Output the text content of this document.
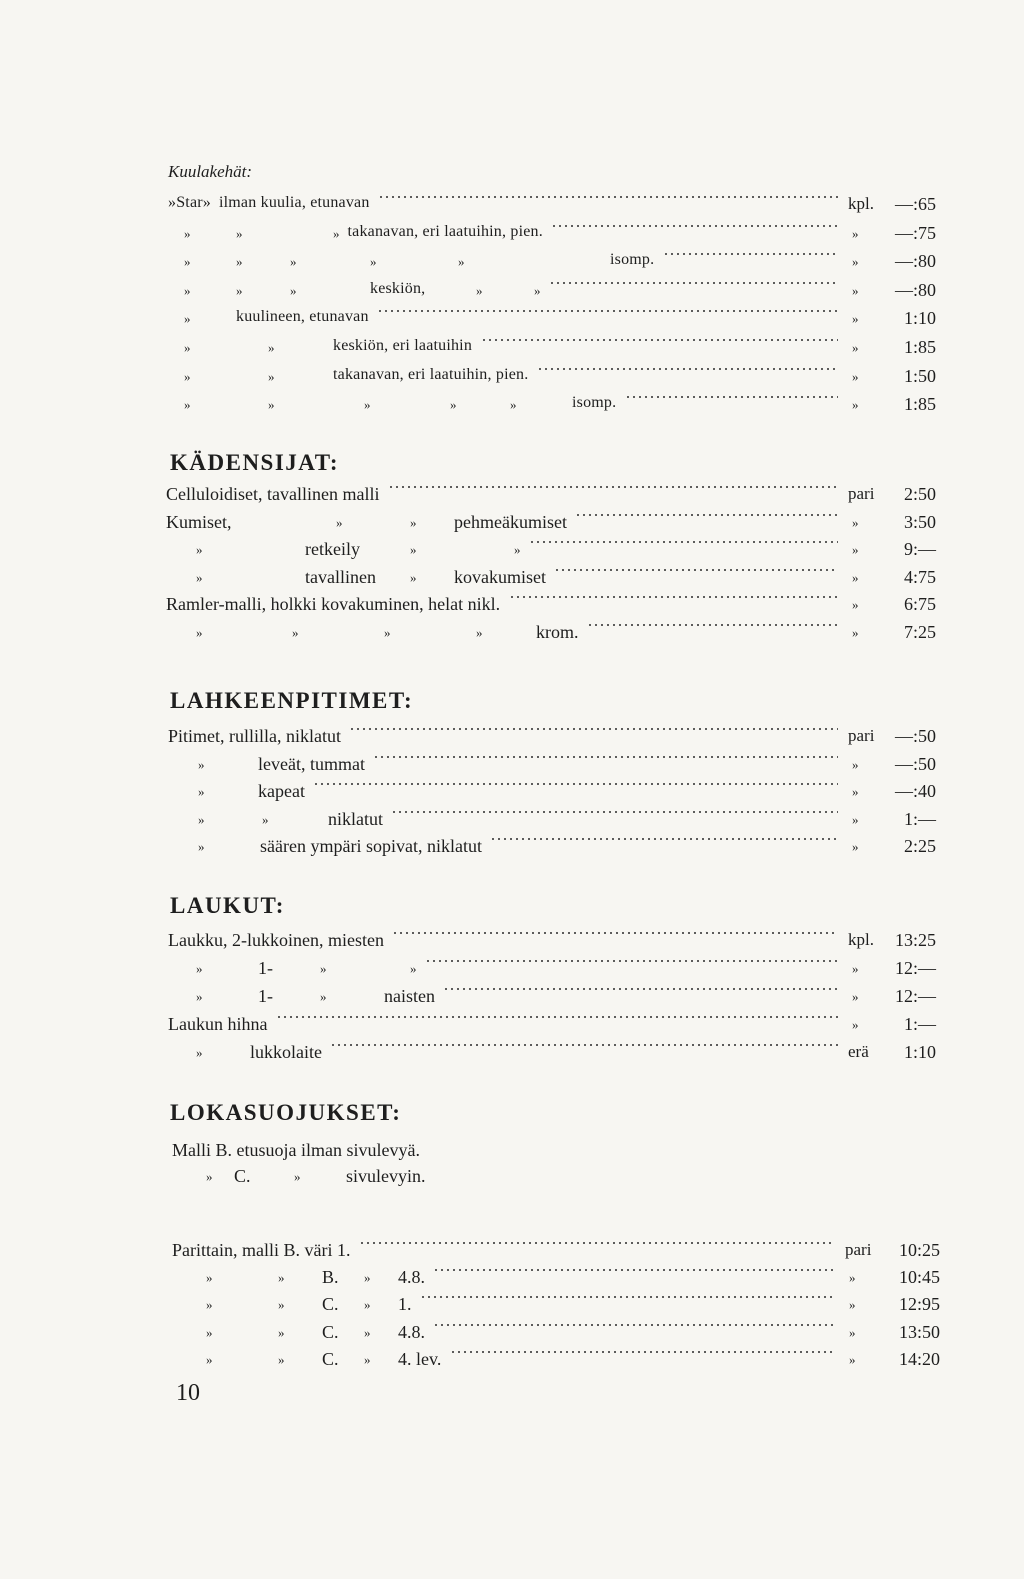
Kuulakehät:
»Star» ilman kuulia, etunavan	kpl. —:65
»	»	» takanavan, eri laatuihin, pien.	» —:75
»	»	»	»	»	isomp.	» —:80
»	»	»	keskiön,	»	»	» —:80
»	kuulineen, etunavan	»	1:10
»	»	keskiön, eri laatuihin	»	1:85
»	»	takanavan, eri laatuihin, pien.	»	1:50
»	»	»	»	»	isomp.	»	1:85
KÄDENSIJAT:
Celluloidiset, tavallinen malli	pari 2:50
Kumiset,	»	» pehmeäkumiset	»	3:50
»	retkeily	»	»	»	9:—
»	tavallinen	» kovakumiset	»	4:75
Ramler-malli, holkki kovakuminen, helat nikl.	»	6:75
»	»	»	»	krom.	»	7:25
LAHKEENPITIMET:
Pitimet, rullilla, niklatut	pari —:50
»	leveät, tummat	» —:50
»	kapeat	» —:40
»	»	niklatut	»	1:—
»	säären ympäri sopivat, niklatut	»	2:25
LAUKUT:
Laukku, 2-lukkoinen, miesten	kpl. 13:25
»	1-	»	»	» 12:—
»	1-	»	naisten	» 12:—
Laukun hihna	»	1:—
»	lukkolaite	erä 1:10
LOKASUOJUKSET:
Parittain, malli B. väri 1.	pari 10:25
»	» B. » 4.8.	» 10:45
»	» C. » 1.	» 12:95
»	» C. » 4.8.	» 13:50
»	» C. » 4. lev.	» 14:20
Malli B. etusuoja ilman sivulevyä.
» C.	»	sivulevyin.
10
